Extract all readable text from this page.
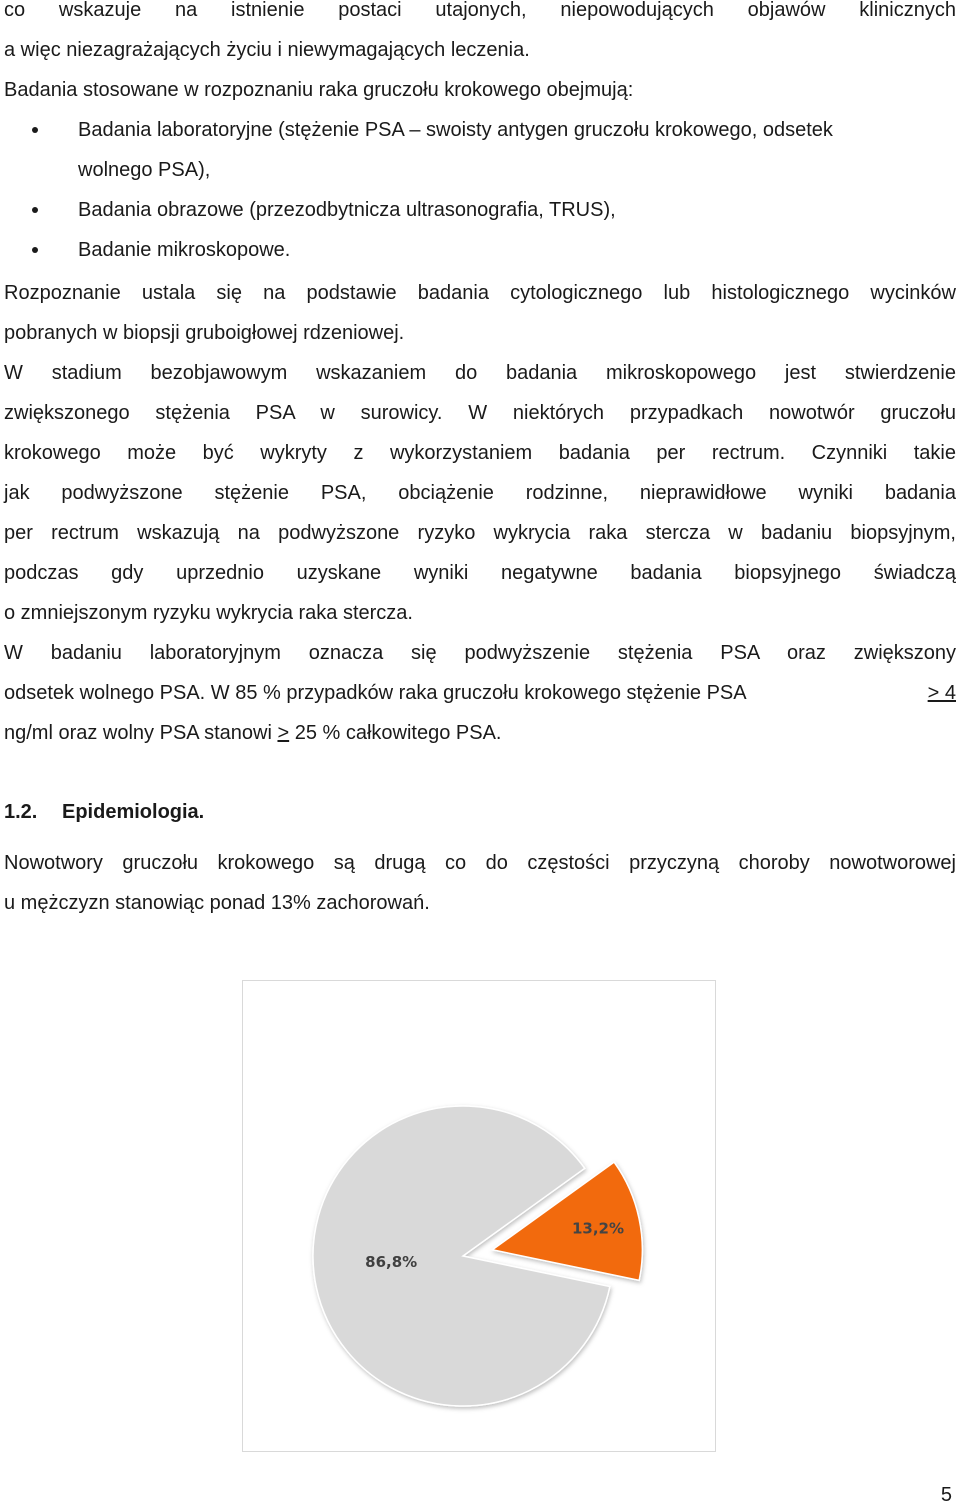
co wskazuje na istnienie postaci utajonych, niepowodujących objawów klinicznych

a więc niezagrażających życiu i niewymagających leczenia.

Badania stosowane w rozpoznaniu raka gruczołu krokowego obejmują:

Badania laboratoryjne (stężenie PSA – swoisty antygen gruczołu krokowego, odsetek
wolnego PSA),
Badania obrazowe (przezodbytnicza ultrasonografia, TRUS),
Badanie mikroskopowe.

Rozpoznanie ustala się na podstawie badania cytologicznego lub histologicznego wycinków

pobranych w biopsji gruboigłowej rdzeniowej.

W stadium bezobjawowym wskazaniem do badania mikroskopowego jest stwierdzenie

zwiększonego stężenia PSA w surowicy. W niektórych przypadkach nowotwór gruczołu

krokowego może być wykryty z wykorzystaniem badania per rectrum. Czynniki takie

jak podwyższone stężenie PSA, obciążenie rodzinne, nieprawidłowe wyniki badania

per rectrum wskazują na podwyższone ryzyko wykrycia raka stercza w badaniu biopsyjnym,

podczas gdy uprzednio uzyskane wyniki negatywne badania biopsyjnego świadczą

o zmniejszonym ryzyku wykrycia raka stercza.

W badaniu laboratoryjnym oznacza się podwyższenie stężenia PSA oraz zwiększony

odsetek wolnego PSA. W 85 % przypadków raka gruczołu krokowego stężenie PSA	> 4

ng/ml oraz wolny PSA stanowi > 25 % całkowitego PSA.

1.2. Epidemiologia.

Nowotwory gruczołu krokowego są drugą co do częstości przyczyną choroby nowotworowej

u mężczyzn stanowiąc ponad 13% zachorowań.

5
13,2%
86,8%
